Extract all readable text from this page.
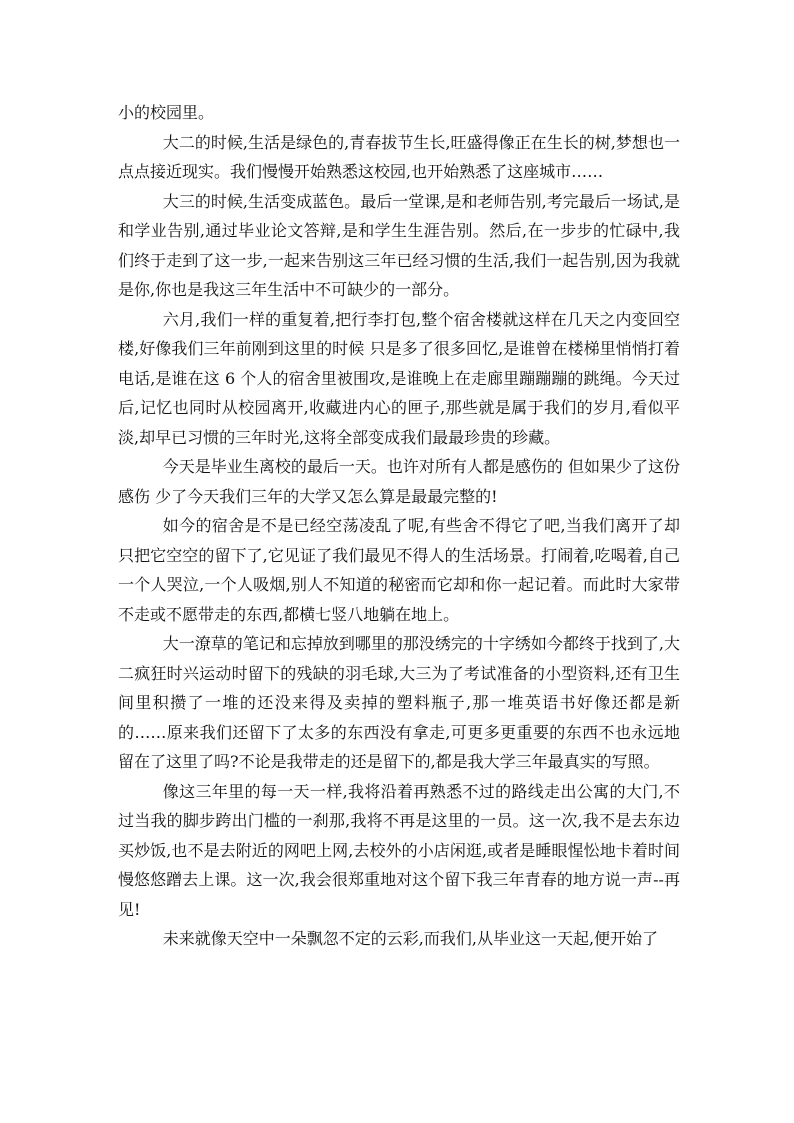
小的校园里。

大二的时候,生活是绿色的,青春拔节生长,旺盛得像正在生长的树,梦想也一点点接近现实。我们慢慢开始熟悉这校园,也开始熟悉了这座城市……

大三的时候,生活变成蓝色。最后一堂课,是和老师告别,考完最后一场试,是和学业告别,通过毕业论文答辩,是和学生生涯告别。然后,在一步步的忙碌中,我们终于走到了这一步,一起来告别这三年已经习惯的生活,我们一起告别,因为我就是你,你也是我这三年生活中不可缺少的一部分。

六月,我们一样的重复着,把行李打包,整个宿舍楼就这样在几天之内变回空楼,好像我们三年前刚到这里的时候 只是多了很多回忆,是谁曾在楼梯里悄悄打着电话,是谁在这 6 个人的宿舍里被围攻,是谁晚上在走廊里蹦蹦蹦的跳绳。今天过后,记忆也同时从校园离开,收藏进内心的匣子,那些就是属于我们的岁月,看似平淡,却早已习惯的三年时光,这将全部变成我们最最珍贵的珍藏。

今天是毕业生离校的最后一天。也许对所有人都是感伤的 但如果少了这份感伤 少了今天我们三年的大学又怎么算是最最完整的!

如今的宿舍是不是已经空荡凌乱了呢,有些舍不得它了吧,当我们离开了却只把它空空的留下了,它见证了我们最见不得人的生活场景。打闹着,吃喝着,自己一个人哭泣,一个人吸烟,别人不知道的秘密而它却和你一起记着。而此时大家带不走或不愿带走的东西,都横七竖八地躺在地上。

大一潦草的笔记和忘掉放到哪里的那没绣完的十字绣如今都终于找到了,大二疯狂时兴运动时留下的残缺的羽毛球,大三为了考试准备的小型资料,还有卫生间里积攒了一堆的还没来得及卖掉的塑料瓶子,那一堆英语书好像还都是新的……原来我们还留下了太多的东西没有拿走,可更多更重要的东西不也永远地留在了这里了吗?不论是我带走的还是留下的,都是我大学三年最真实的写照。

像这三年里的每一天一样,我将沿着再熟悉不过的路线走出公寓的大门,不过当我的脚步跨出门槛的一刹那,我将不再是这里的一员。这一次,我不是去东边买炒饭,也不是去附近的网吧上网,去校外的小店闲逛,或者是睡眼惺忪地卡着时间慢悠悠蹭去上课。这一次,我会很郑重地对这个留下我三年青春的地方说一声--再见!

未来就像天空中一朵飘忽不定的云彩,而我们,从毕业这一天起,便开始了
